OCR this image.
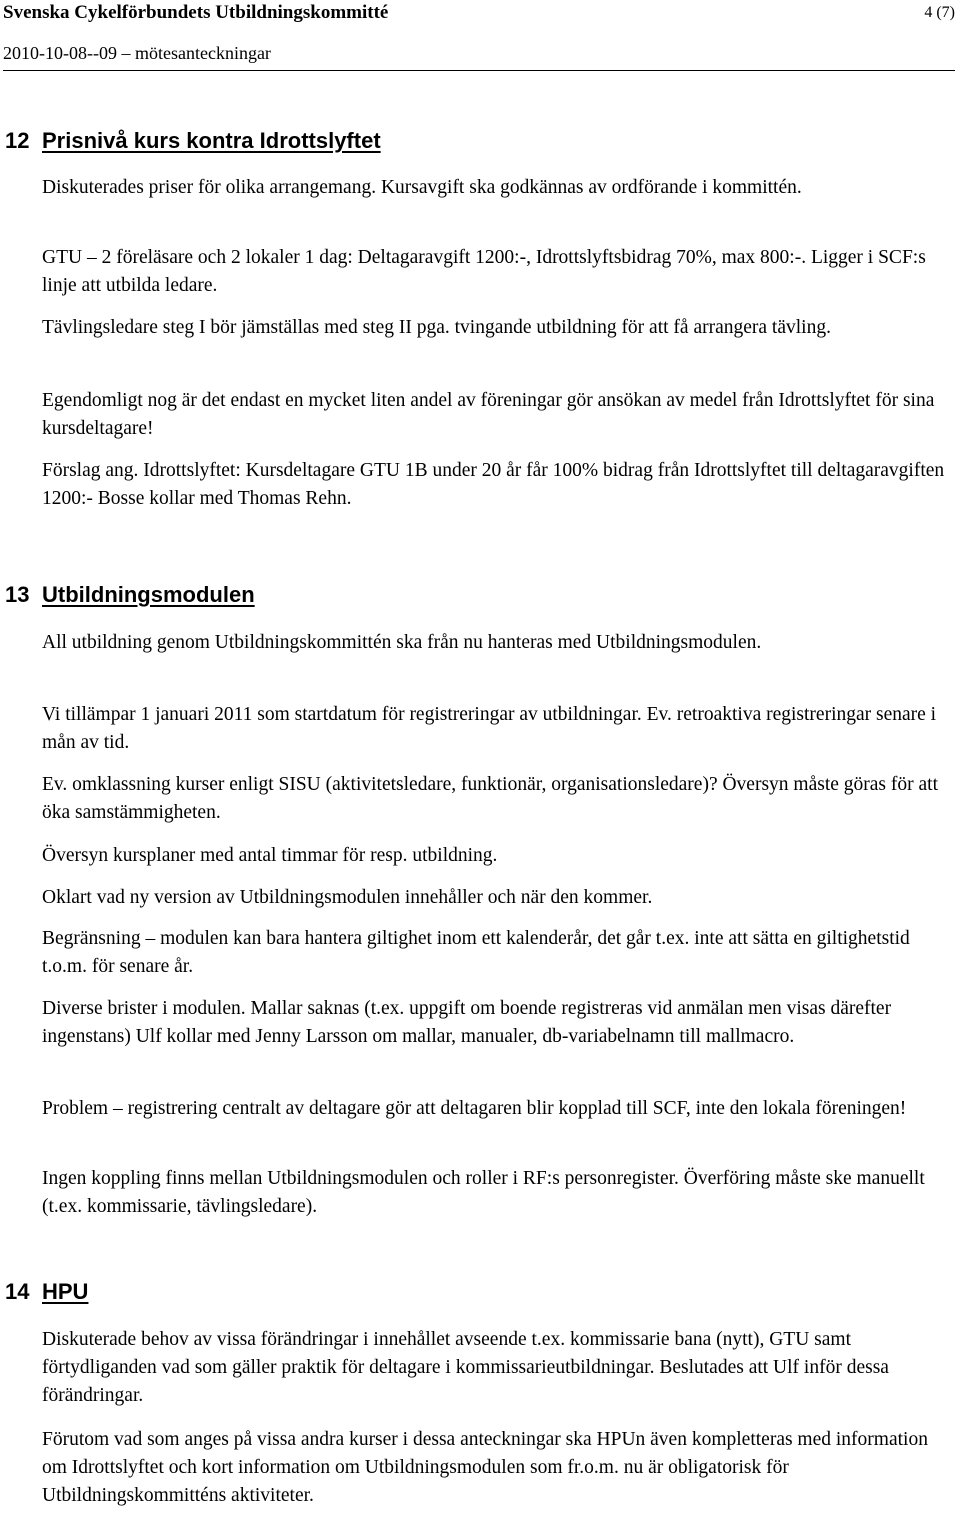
Svenska Cykelförbundets Utbildningskommitté	4 (7)
2010-10-08--09 – mötesanteckningar
12 Prisnivå kurs kontra Idrottslyftet

Diskuterades priser för olika arrangemang. Kursavgift ska godkännas av ordförande i kommittén.

GTU – 2 föreläsare och 2 lokaler 1 dag: Deltagaravgift 1200:-, Idrottslyftsbidrag 70%, max 800:-. Ligger i SCF:s linje att utbilda ledare.

Tävlingsledare steg I bör jämställas med steg II pga. tvingande utbildning för att få arrangera tävling.

Egendomligt nog är det endast en mycket liten andel av föreningar gör ansökan av medel från Idrottslyftet för sina kursdeltagare!

Förslag ang. Idrottslyftet: Kursdeltagare GTU 1B under 20 år får 100% bidrag från Idrottslyftet till deltagaravgiften 1200:- Bosse kollar med Thomas Rehn.

13 Utbildningsmodulen

All utbildning genom Utbildningskommittén ska från nu hanteras med Utbildningsmodulen.

Vi tillämpar 1 januari 2011 som startdatum för registreringar av utbildningar. Ev. retroaktiva registreringar senare i mån av tid.

Ev. omklassning kurser enligt SISU (aktivitetsledare, funktionär, organisationsledare)? Översyn måste göras för att öka samstämmigheten.

Översyn kursplaner med antal timmar för resp. utbildning.

Oklart vad ny version av Utbildningsmodulen innehåller och när den kommer.

Begränsning – modulen kan bara hantera giltighet inom ett kalenderår, det går t.ex. inte att sätta en giltighetstid t.o.m. för senare år.

Diverse brister i modulen. Mallar saknas (t.ex. uppgift om boende registreras vid anmälan men visas därefter ingenstans) Ulf kollar med Jenny Larsson om mallar, manualer, db-variabelnamn till mallmacro.

Problem – registrering centralt av deltagare gör att deltagaren blir kopplad till SCF, inte den lokala föreningen!

Ingen koppling finns mellan Utbildningsmodulen och roller i RF:s personregister. Överföring måste ske manuellt (t.ex. kommissarie, tävlingsledare).

14 HPU

Diskuterade behov av vissa förändringar i innehållet avseende t.ex. kommissarie bana (nytt), GTU samt förtydliganden vad som gäller praktik för deltagare i kommissarieutbildningar. Beslutades att Ulf inför dessa förändringar.

Förutom vad som anges på vissa andra kurser i dessa anteckningar ska HPUn även kompletteras med information om Idrottslyftet och kort information om Utbildningsmodulen som fr.o.m. nu är obligatorisk för Utbildningskommitténs aktiviteter.
